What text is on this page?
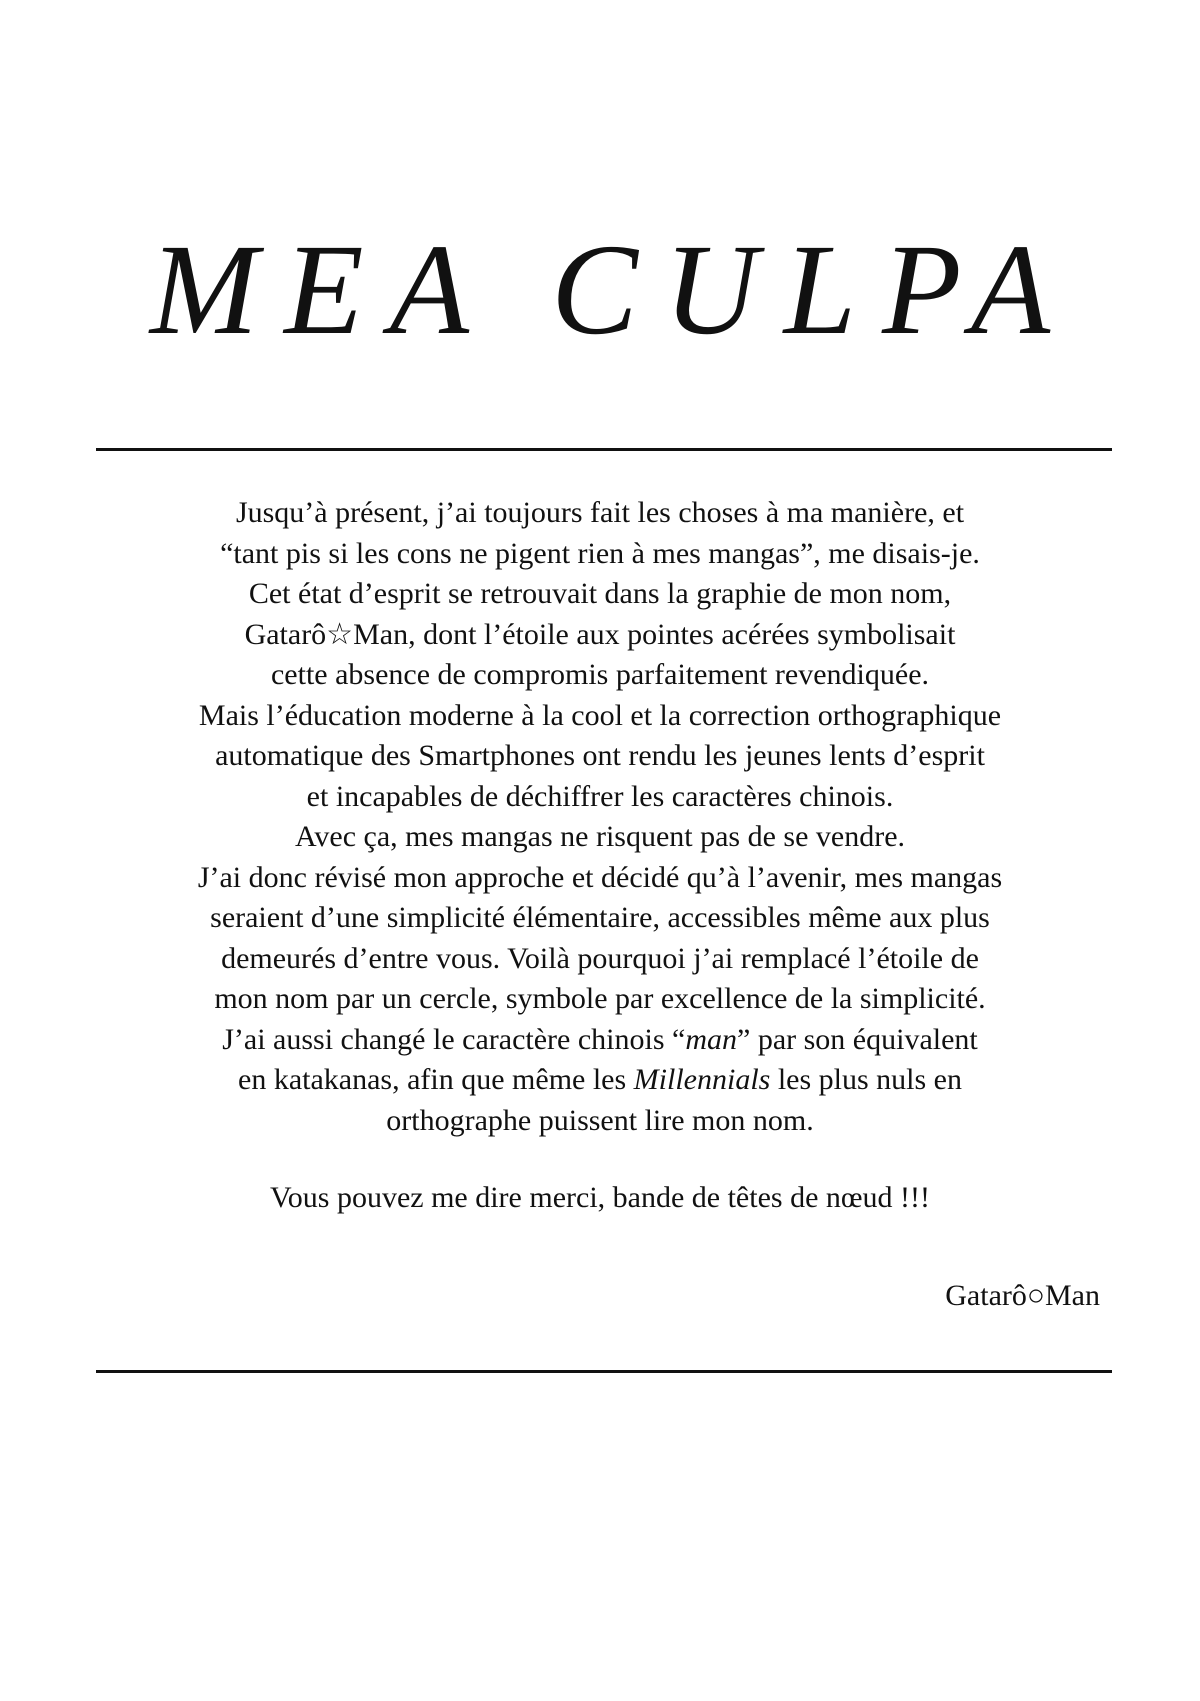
MEA CULPA
Jusqu’à présent, j’ai toujours fait les choses à ma manière, et
“tant pis si les cons ne pigent rien à mes mangas”, me disais-je.
Cet état d’esprit se retrouvait dans la graphie de mon nom,
Gatarô☆Man, dont l’étoile aux pointes acérées symbolisait
cette absence de compromis parfaitement revendiquée.
Mais l’éducation moderne à la cool et la correction orthographique
automatique des Smartphones ont rendu les jeunes lents d’esprit
et incapables de déchiffrer les caractères chinois.
Avec ça, mes mangas ne risquent pas de se vendre.
J’ai donc révisé mon approche et décidé qu’à l’avenir, mes mangas
seraient d’une simplicité élémentaire, accessibles même aux plus
demeurés d’entre vous. Voilà pourquoi j’ai remplacé l’étoile de
mon nom par un cercle, symbole par excellence de la simplicité.
J’ai aussi changé le caractère chinois “man” par son équivalent
en katakanas, afin que même les Millennials les plus nuls en
orthographe puissent lire mon nom.
Vous pouvez me dire merci, bande de têtes de nœud !!!
Gatarô○Man
